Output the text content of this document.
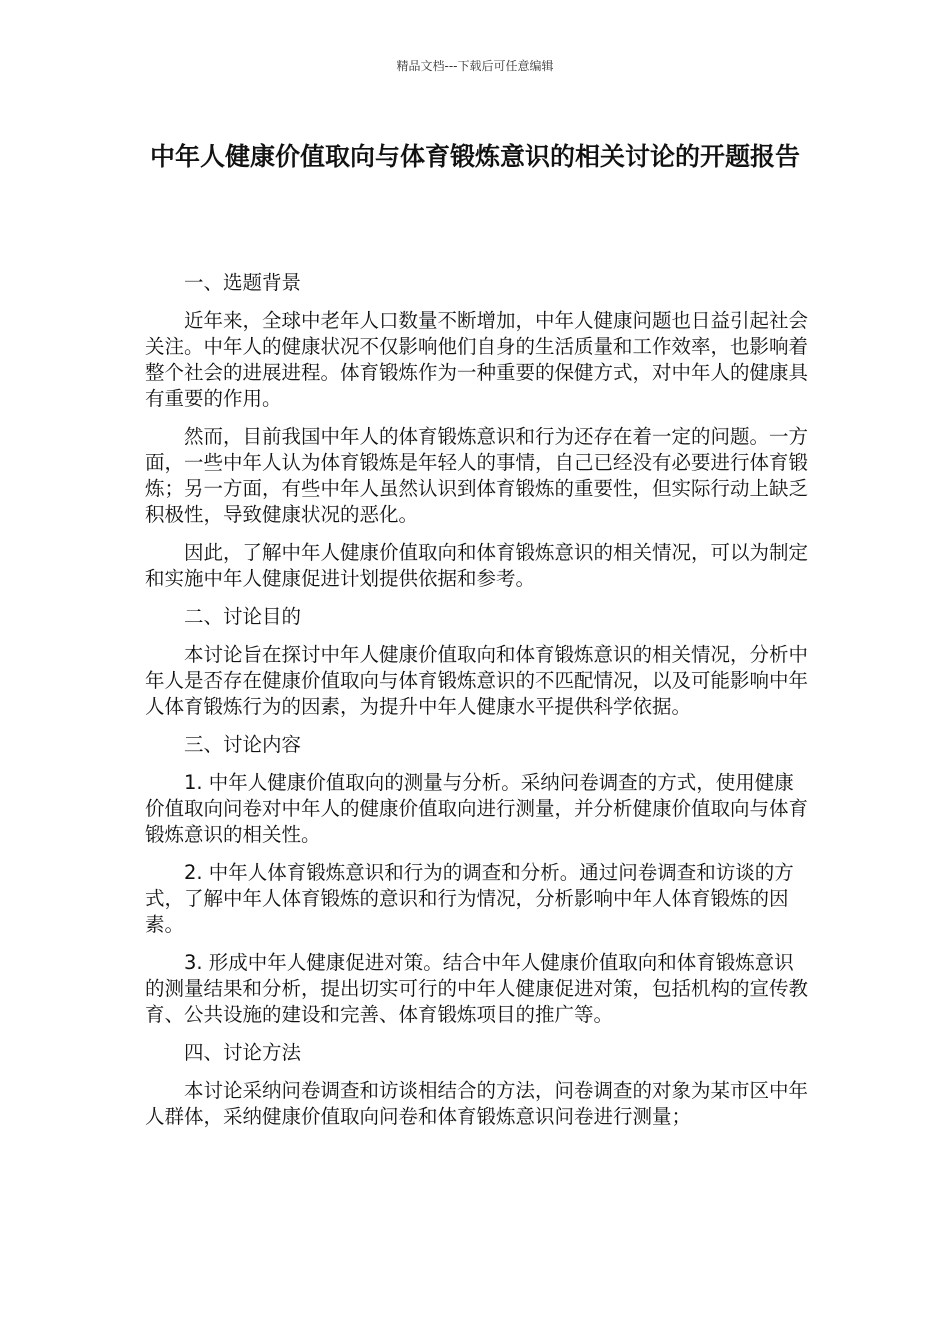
精品文档---下载后可任意编辑
中年人健康价值取向与体育锻炼意识的相关讨论的开题报告

一、选题背景

近年来，全球中老年人口数量不断增加，中年人健康问题也日益引起社会关注。中年人的健康状况不仅影响他们自身的生活质量和工作效率，也影响着整个社会的进展进程。体育锻炼作为一种重要的保健方式，对中年人的健康具有重要的作用。

然而，目前我国中年人的体育锻炼意识和行为还存在着一定的问题。一方面，一些中年人认为体育锻炼是年轻人的事情，自己已经没有必要进行体育锻炼；另一方面，有些中年人虽然认识到体育锻炼的重要性，但实际行动上缺乏积极性，导致健康状况的恶化。

因此，了解中年人健康价值取向和体育锻炼意识的相关情况，可以为制定和实施中年人健康促进计划提供依据和参考。

二、讨论目的

本讨论旨在探讨中年人健康价值取向和体育锻炼意识的相关情况，分析中年人是否存在健康价值取向与体育锻炼意识的不匹配情况，以及可能影响中年人体育锻炼行为的因素，为提升中年人健康水平提供科学依据。

三、讨论内容

1. 中年人健康价值取向的测量与分析。采纳问卷调查的方式，使用健康价值取向问卷对中年人的健康价值取向进行测量，并分析健康价值取向与体育锻炼意识的相关性。

2. 中年人体育锻炼意识和行为的调查和分析。通过问卷调查和访谈的方式，了解中年人体育锻炼的意识和行为情况，分析影响中年人体育锻炼的因素。

3. 形成中年人健康促进对策。结合中年人健康价值取向和体育锻炼意识的测量结果和分析，提出切实可行的中年人健康促进对策，包括机构的宣传教育、公共设施的建设和完善、体育锻炼项目的推广等。

四、讨论方法

本讨论采纳问卷调查和访谈相结合的方法，问卷调查的对象为某市区中年人群体，采纳健康价值取向问卷和体育锻炼意识问卷进行测量；
